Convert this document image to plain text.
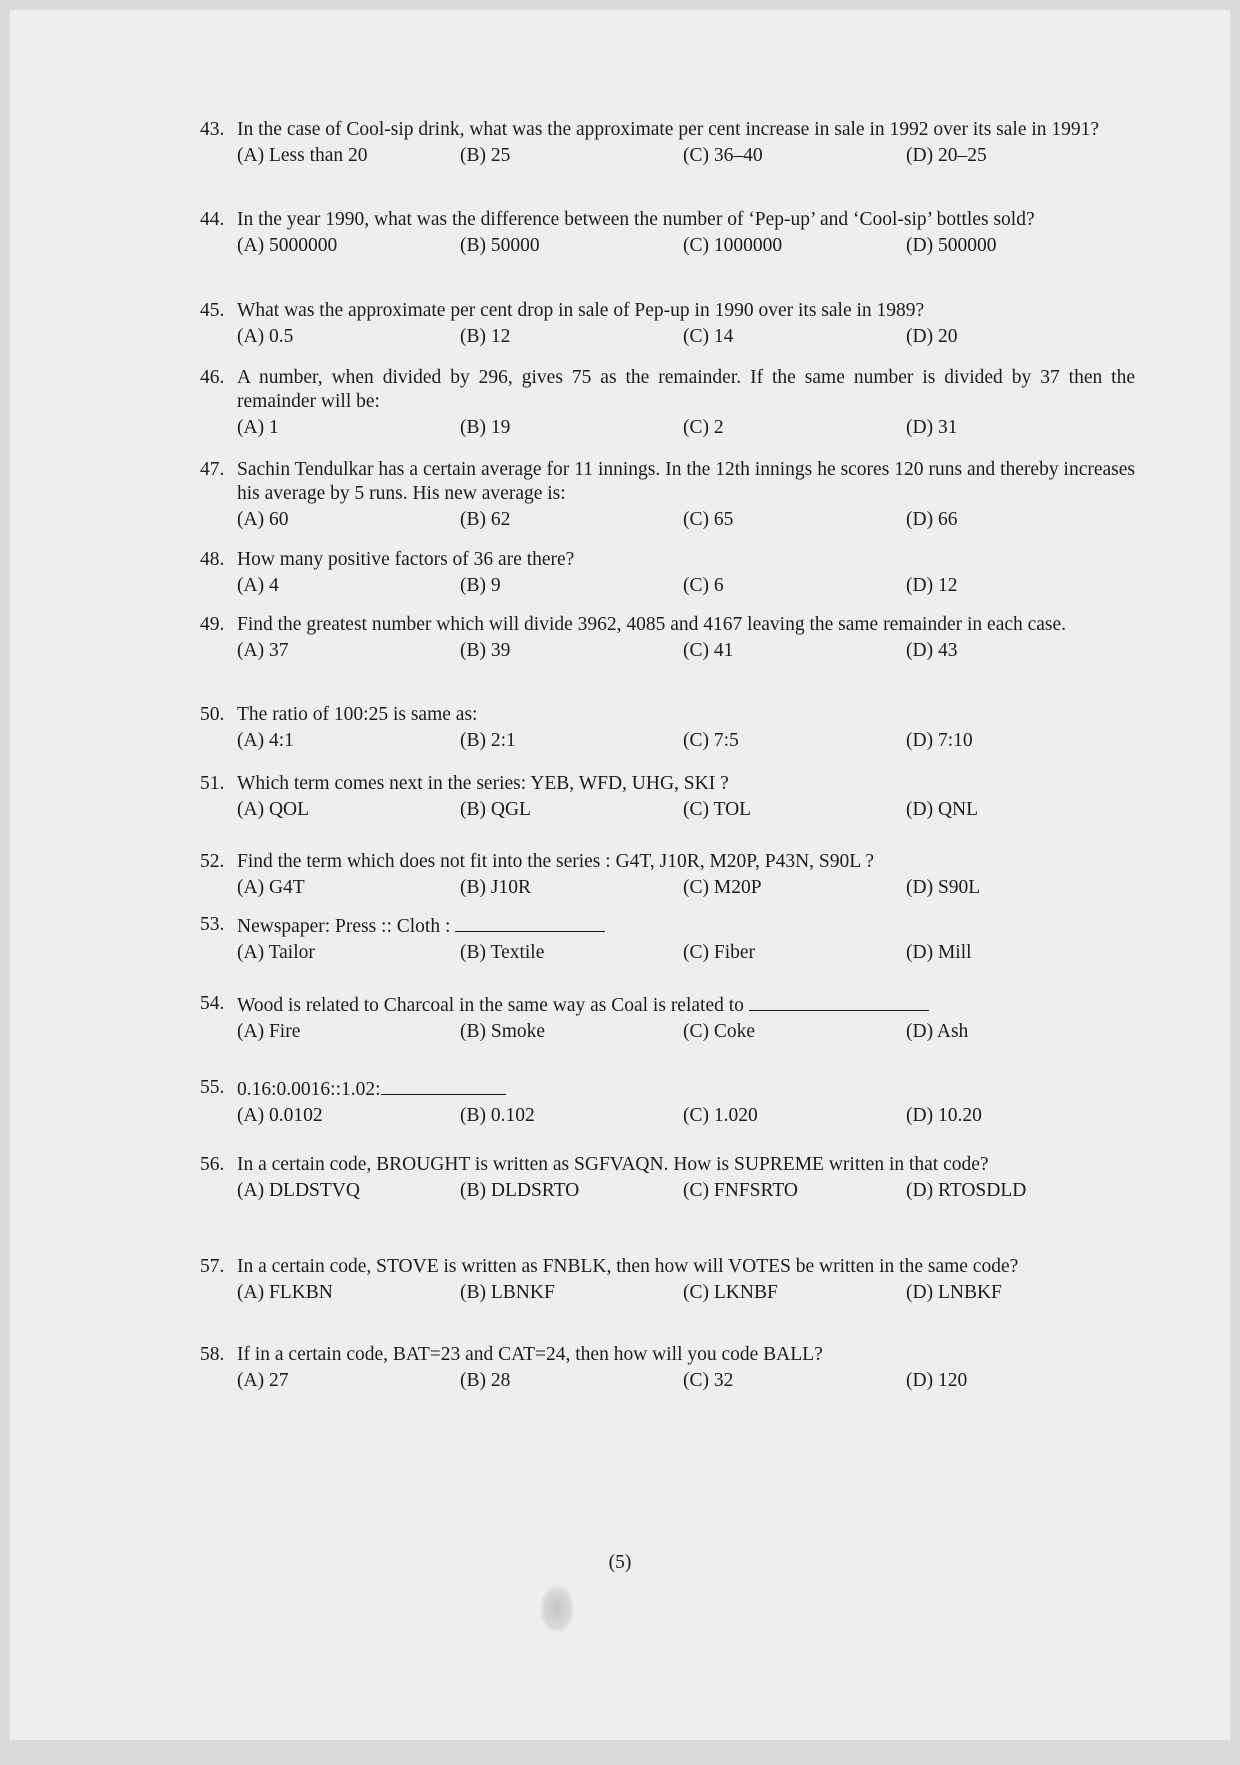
43. In the case of Cool-sip drink, what was the approximate per cent increase in sale in 1992 over its sale in 1991?
(A) Less than 20	(B) 25	(C) 36–40	(D) 20–25
44. In the year 1990, what was the difference between the number of ‘Pep-up’ and ‘Cool-sip’ bottles sold?
(A) 5000000	(B) 50000	(C) 1000000	(D) 500000
45. What was the approximate per cent drop in sale of Pep-up in 1990 over its sale in 1989?
(A) 0.5	(B) 12	(C) 14	(D) 20
46. A number, when divided by 296, gives 75 as the remainder. If the same number is divided by 37 then the remainder will be:
(A) 1	(B) 19	(C) 2	(D) 31
47. Sachin Tendulkar has a certain average for 11 innings. In the 12th innings he scores 120 runs and thereby increases his average by 5 runs. His new average is:
(A) 60	(B) 62	(C) 65	(D) 66
48. How many positive factors of 36 are there?
(A) 4	(B) 9	(C) 6	(D) 12
49. Find the greatest number which will divide 3962, 4085 and 4167 leaving the same remainder in each case.
(A) 37	(B) 39	(C) 41	(D) 43
50. The ratio of 100:25 is same as:
(A) 4:1	(B) 2:1	(C) 7:5	(D) 7:10
51. Which term comes next in the series: YEB, WFD, UHG, SKI ?
(A) QOL	(B) QGL	(C) TOL	(D) QNL
52. Find the term which does not fit into the series : G4T, J10R, M20P, P43N, S90L ?
(A) G4T	(B) J10R	(C) M20P	(D) S90L
53. Newspaper: Press :: Cloth :
(A) Tailor	(B) Textile	(C) Fiber	(D) Mill
54. Wood is related to Charcoal in the same way as Coal is related to
(A) Fire	(B) Smoke	(C) Coke	(D) Ash
55. 0.16:0.0016::1.02:
(A) 0.0102	(B) 0.102	(C) 1.020	(D) 10.20
56. In a certain code, BROUGHT is written as SGFVAQN. How is SUPREME written in that code?
(A) DLDSTVQ	(B) DLDSRTO	(C) FNFSRTO	(D) RTOSDLD
57. In a certain code, STOVE is written as FNBLK, then how will VOTES be written in the same code?
(A) FLKBN	(B) LBNKF	(C) LKNBF	(D) LNBKF
58. If in a certain code, BAT=23 and CAT=24, then how will you code BALL?
(A) 27	(B) 28	(C) 32	(D) 120
(5)
